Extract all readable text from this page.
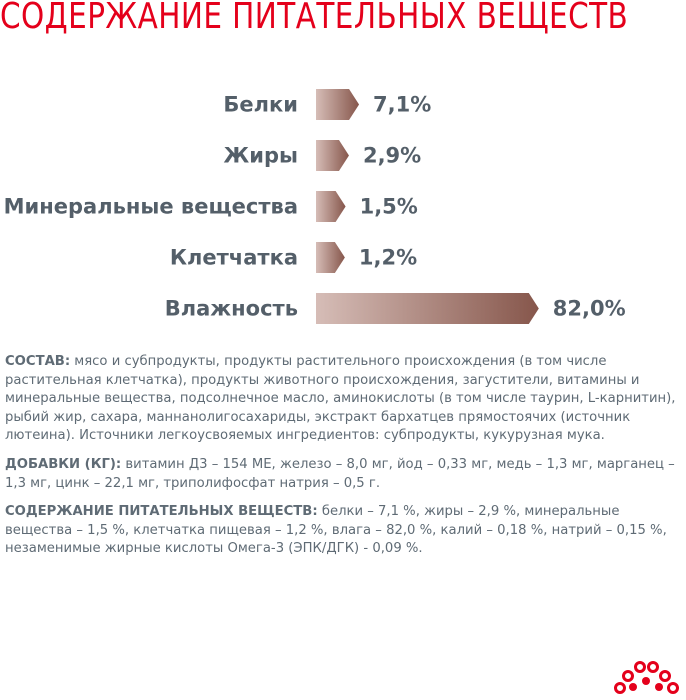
СОДЕРЖАНИЕ ПИТАТЕЛЬНЫХ ВЕЩЕСТВ
Белки	7,1%
Жиры	2,9%
Минеральные вещества	1,5%
Клетчатка	1,2%
Влажность	82,0%

СОСТАВ: мясо и субпродукты, продукты растительного происхождения (в том числе растительная клетчатка), продукты животного происхождения, загустители, витамины и минеральные вещества, подсолнечное масло, аминокислоты (в том числе таурин, L-карнитин), рыбий жир, сахара, маннанолигосахариды, экстракт бархатцев прямостоячих (источник лютеина). Источники легкоусвояемых ингредиентов: субпродукты, кукурузная мука.

ДОБАВКИ (КГ): витамин Д3 – 154 МЕ, железо – 8,0 мг, йод – 0,33 мг, медь – 1,3 мг, марганец – 1,3 мг, цинк – 22,1 мг, триполифосфат натрия – 0,5 г.

СОДЕРЖАНИЕ ПИТАТЕЛЬНЫХ ВЕЩЕСТВ: белки – 7,1 %, жиры – 2,9 %, минеральные вещества – 1,5 %, клетчатка пищевая – 1,2 %, влага – 82,0 %, калий – 0,18 %, натрий – 0,15 %, незаменимые жирные кислоты Омега-3 (ЭПК/ДГК) - 0,09 %.
